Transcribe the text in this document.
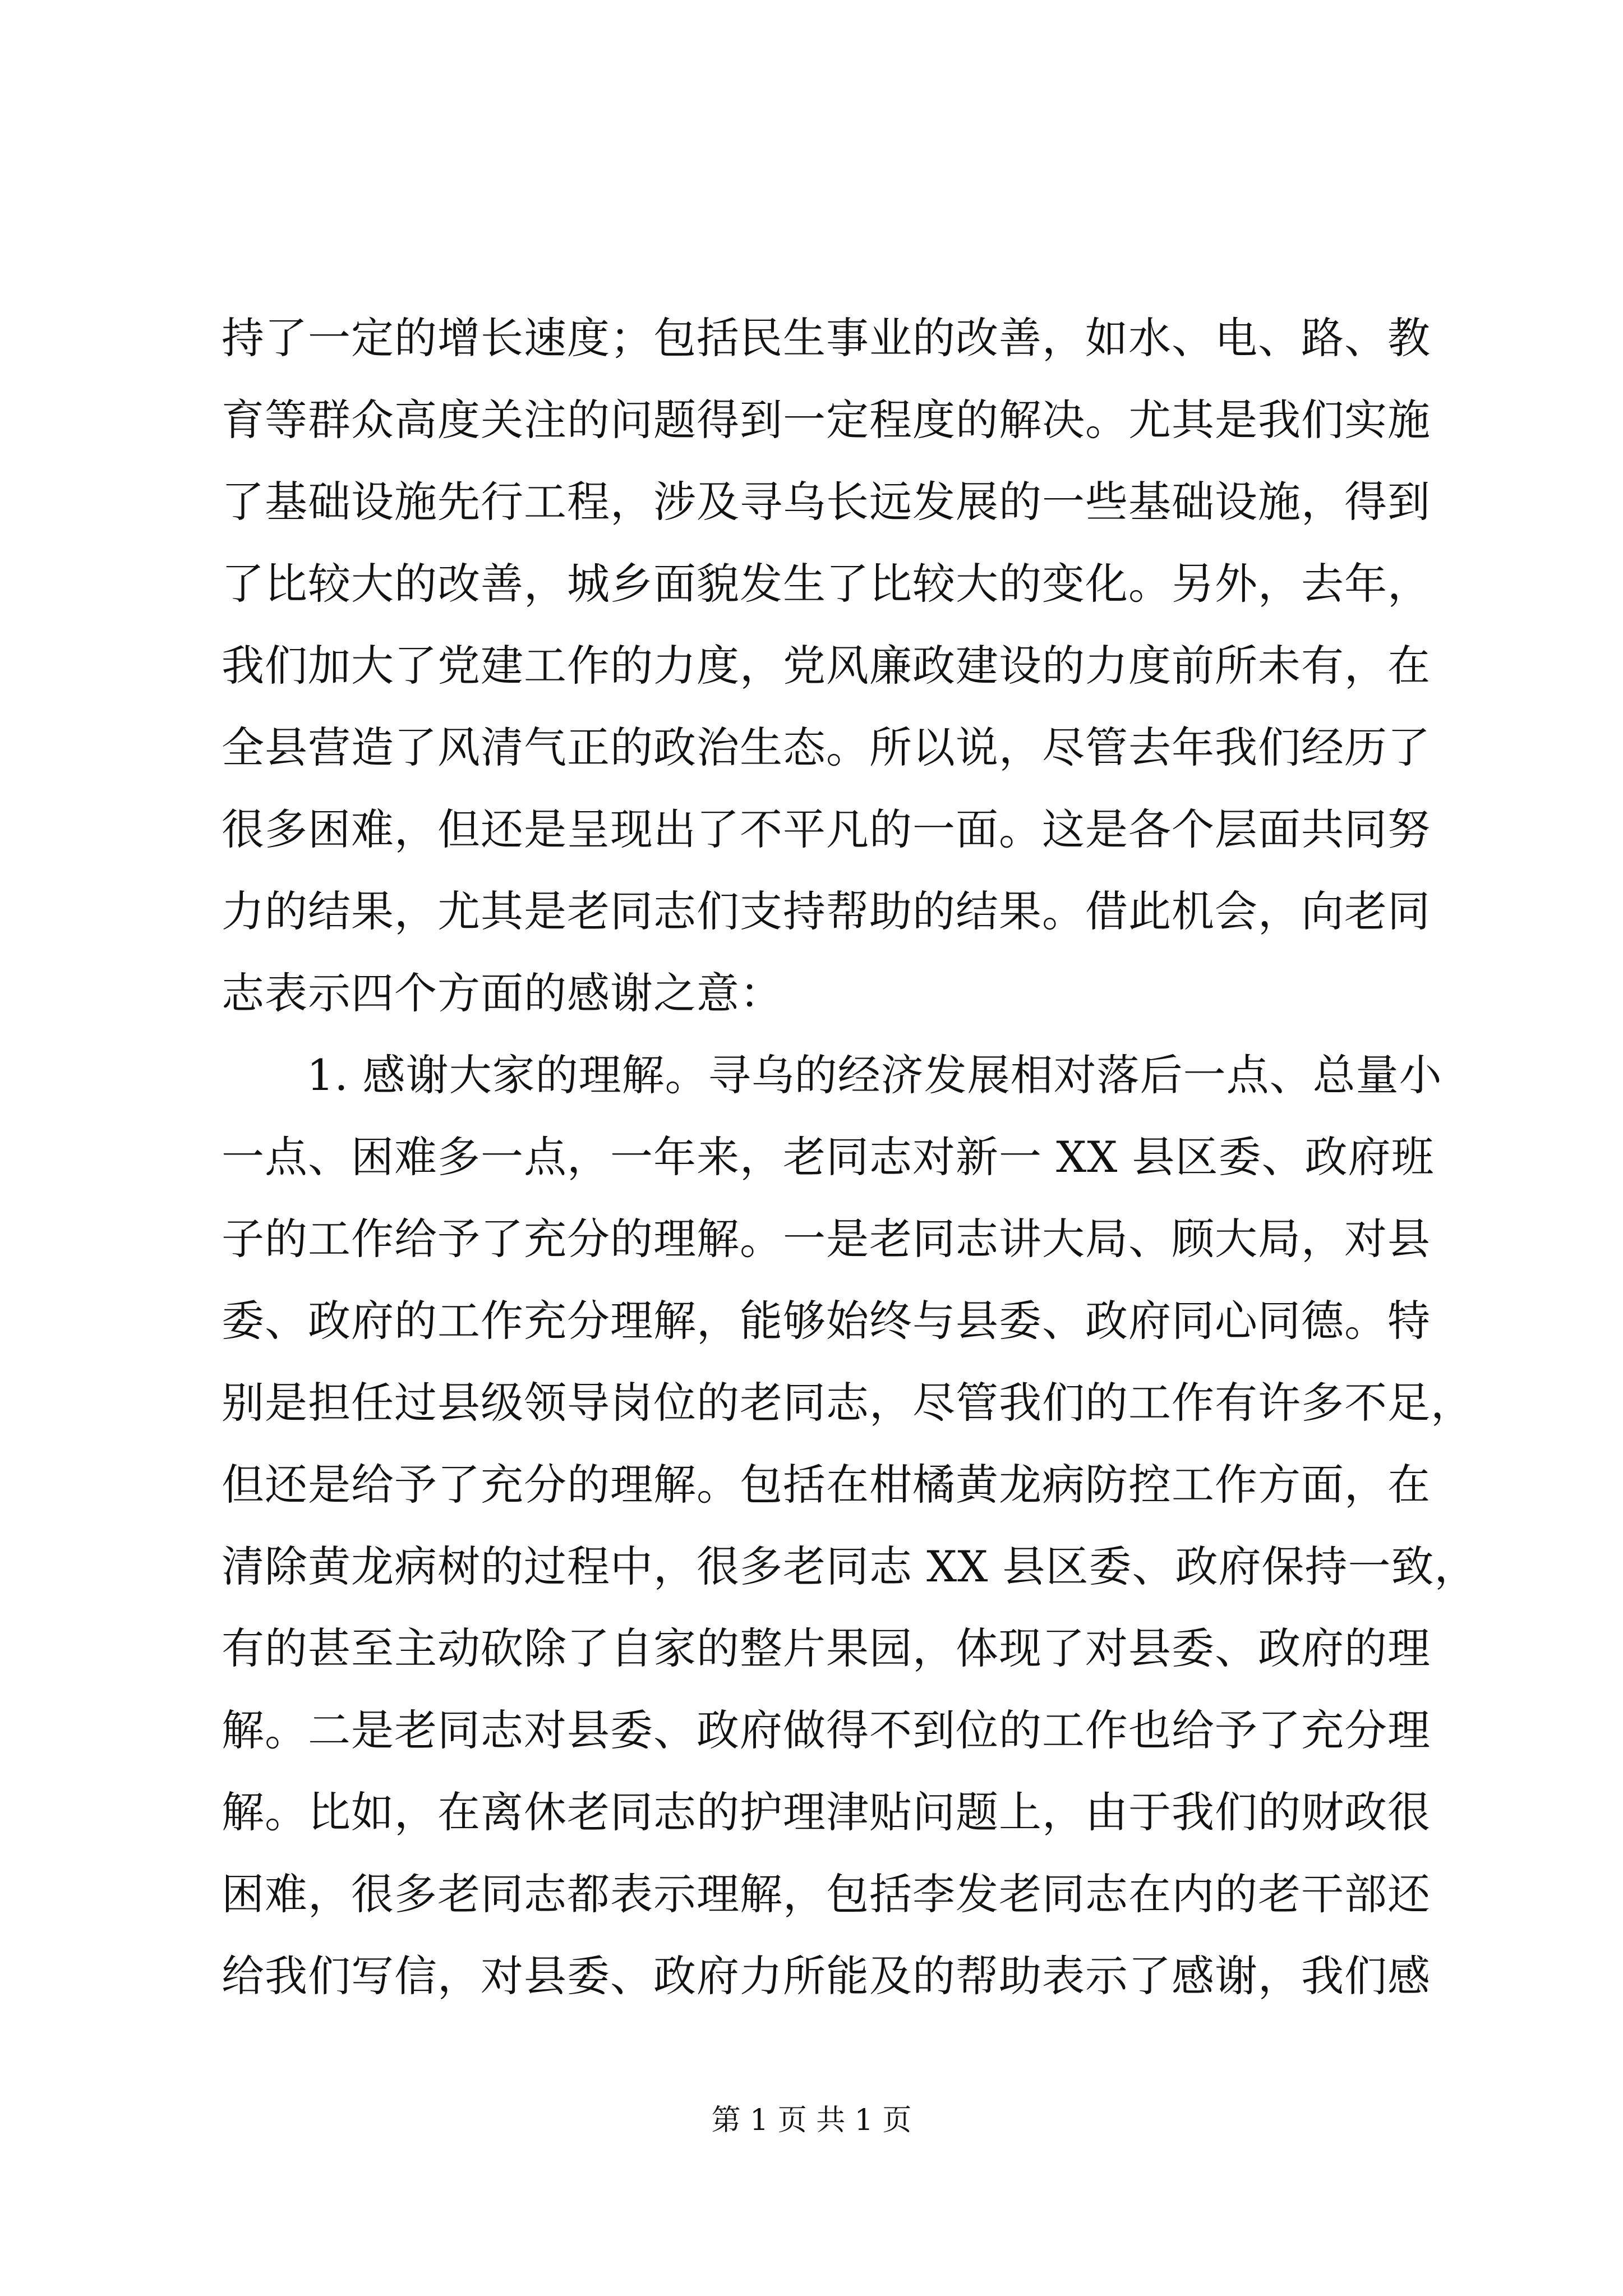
持了一定的增长速度；包括民生事业的改善，如水、电、路、教
育等群众高度关注的问题得到一定程度的解决。尤其是我们实施
了基础设施先行工程，涉及寻乌长远发展的一些基础设施，得到
了比较大的改善，城乡面貌发生了比较大的变化。另外，去年，
我们加大了党建工作的力度，党风廉政建设的力度前所未有，在
全县营造了风清气正的政治生态。所以说，尽管去年我们经历了
很多困难，但还是呈现出了不平凡的一面。这是各个层面共同努
力的结果，尤其是老同志们支持帮助的结果。借此机会，向老同
志表示四个方面的感谢之意：
1. 感谢大家的理解。寻乌的经济发展相对落后一点、总量小
一点、困难多一点，一年来，老同志对新一 XX 县区委、政府班
子的工作给予了充分的理解。一是老同志讲大局、顾大局，对县
委、政府的工作充分理解，能够始终与县委、政府同心同德。特
别是担任过县级领导岗位的老同志，尽管我们的工作有许多不足，
但还是给予了充分的理解。包括在柑橘黄龙病防控工作方面，在
清除黄龙病树的过程中，很多老同志 XX 县区委、政府保持一致，
有的甚至主动砍除了自家的整片果园，体现了对县委、政府的理
解。二是老同志对县委、政府做得不到位的工作也给予了充分理
解。比如，在离休老同志的护理津贴问题上，由于我们的财政很
困难，很多老同志都表示理解，包括李发老同志在内的老干部还
给我们写信，对县委、政府力所能及的帮助表示了感谢，我们感
第 1 页 共 1 页
